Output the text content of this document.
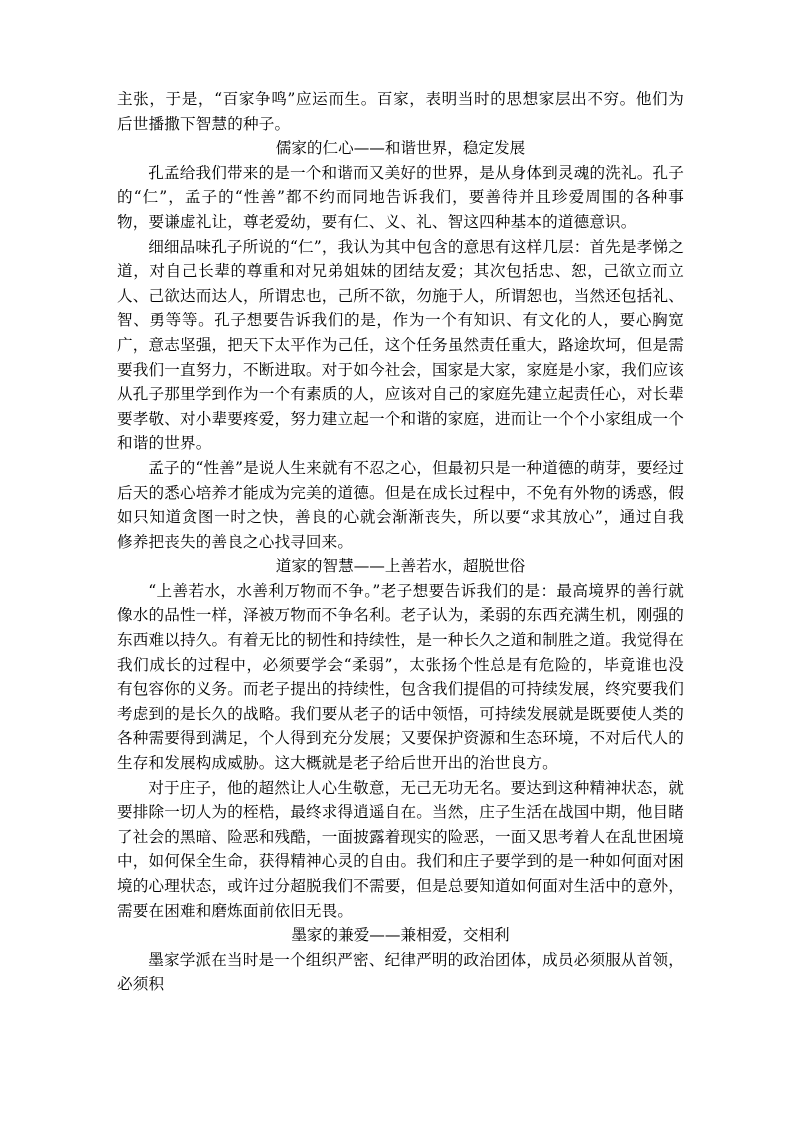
主张，于是，“百家争鸣”应运而生。百家，表明当时的思想家层出不穷。他们为后世播撒下智慧的种子。

儒家的仁心——和谐世界，稳定发展

孔孟给我们带来的是一个和谐而又美好的世界，是从身体到灵魂的洗礼。孔子的“仁”，孟子的“性善”都不约而同地告诉我们，要善待并且珍爱周围的各种事物，要谦虚礼让，尊老爱幼，要有仁、义、礼、智这四种基本的道德意识。

细细品味孔子所说的“仁”，我认为其中包含的意思有这样几层：首先是孝悌之道，对自己长辈的尊重和对兄弟姐妹的团结友爱；其次包括忠、恕，己欲立而立人、己欲达而达人，所谓忠也，己所不欲，勿施于人，所谓恕也，当然还包括礼、智、勇等等。孔子想要告诉我们的是，作为一个有知识、有文化的人，要心胸宽广，意志坚强，把天下太平作为己任，这个任务虽然责任重大，路途坎坷，但是需要我们一直努力，不断进取。对于如今社会，国家是大家，家庭是小家，我们应该从孔子那里学到作为一个有素质的人，应该对自己的家庭先建立起责任心，对长辈要孝敬、对小辈要疼爱，努力建立起一个和谐的家庭，进而让一个个小家组成一个和谐的世界。

孟子的“性善”是说人生来就有不忍之心，但最初只是一种道德的萌芽，要经过后天的悉心培养才能成为完美的道德。但是在成长过程中，不免有外物的诱惑，假如只知道贪图一时之快，善良的心就会渐渐丧失，所以要“求其放心”，通过自我修养把丧失的善良之心找寻回来。

道家的智慧——上善若水，超脱世俗

“上善若水，水善利万物而不争。”老子想要告诉我们的是：最高境界的善行就像水的品性一样，泽被万物而不争名利。老子认为，柔弱的东西充满生机，刚强的东西难以持久。有着无比的韧性和持续性，是一种长久之道和制胜之道。我觉得在我们成长的过程中，必须要学会“柔弱”，太张扬个性总是有危险的，毕竟谁也没有包容你的义务。而老子提出的持续性，包含我们提倡的可持续发展，终究要我们考虑到的是长久的战略。我们要从老子的话中领悟，可持续发展就是既要使人类的各种需要得到满足，个人得到充分发展；又要保护资源和生态环境，不对后代人的生存和发展构成威胁。这大概就是老子给后世开出的治世良方。

对于庄子，他的超然让人心生敬意，无己无功无名。要达到这种精神状态，就要排除一切人为的桎梏，最终求得逍遥自在。当然，庄子生活在战国中期，他目睹了社会的黑暗、险恶和残酷，一面披露着现实的险恶，一面又思考着人在乱世困境中，如何保全生命，获得精神心灵的自由。我们和庄子要学到的是一种如何面对困境的心理状态，或许过分超脱我们不需要，但是总要知道如何面对生活中的意外，需要在困难和磨炼面前依旧无畏。

墨家的兼爱——兼相爱，交相利

墨家学派在当时是一个组织严密、纪律严明的政治团体，成员必须服从首领，必须积
